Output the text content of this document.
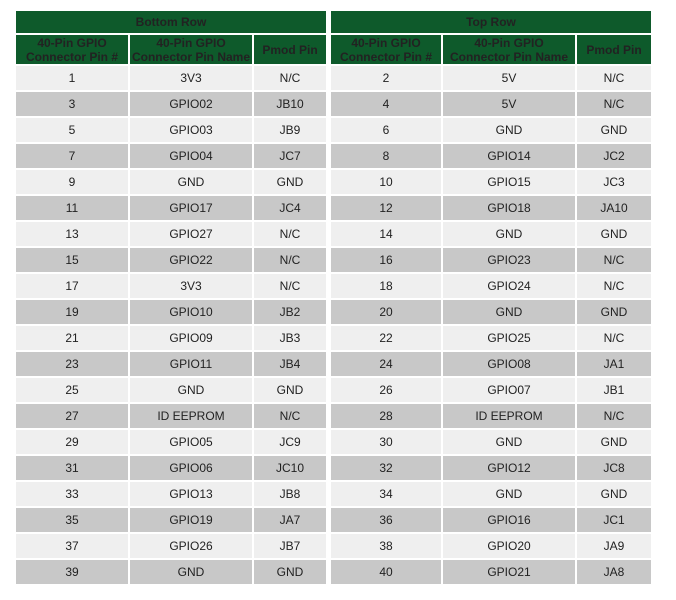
Bottom Row				Top Row		
40-Pin GPIO Connector Pin #	40-Pin GPIO Connector Pin Name	Pmod Pin		40-Pin GPIO Connector Pin #	40-Pin GPIO Connector Pin Name	Pmod Pin
1	3V3	N/C		2	5V	N/C
3	GPIO02	JB10		4	5V	N/C
5	GPIO03	JB9		6	GND	GND
7	GPIO04	JC7		8	GPIO14	JC2
9	GND	GND		10	GPIO15	JC3
11	GPIO17	JC4		12	GPIO18	JA10
13	GPIO27	N/C		14	GND	GND
15	GPIO22	N/C		16	GPIO23	N/C
17	3V3	N/C		18	GPIO24	N/C
19	GPIO10	JB2		20	GND	GND
21	GPIO09	JB3		22	GPIO25	N/C
23	GPIO11	JB4		24	GPIO08	JA1
25	GND	GND		26	GPIO07	JB1
27	ID EEPROM	N/C		28	ID EEPROM	N/C
29	GPIO05	JC9		30	GND	GND
31	GPIO06	JC10		32	GPIO12	JC8
33	GPIO13	JB8		34	GND	GND
35	GPIO19	JA7		36	GPIO16	JC1
37	GPIO26	JB7		38	GPIO20	JA9
39	GND	GND		40	GPIO21	JA8
